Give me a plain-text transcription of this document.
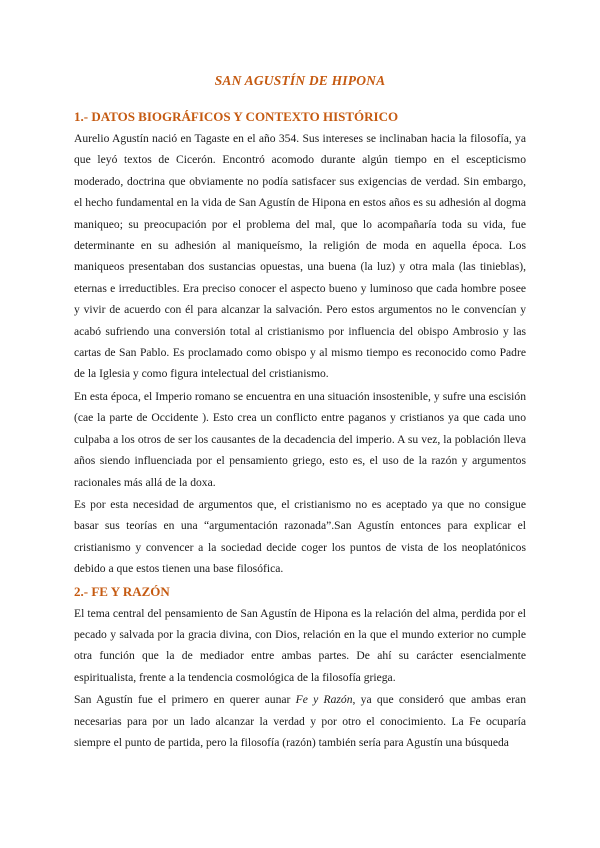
SAN AGUSTÍN DE HIPONA
1.- DATOS BIOGRÁFICOS Y CONTEXTO HISTÓRICO

Aurelio Agustín nació en Tagaste en el año 354. Sus intereses se inclinaban hacia la filosofía, ya que leyó textos de Cicerón. Encontró acomodo durante algún tiempo en el escepticismo moderado, doctrina que obviamente no podía satisfacer sus exigencias de verdad. Sin embargo, el hecho fundamental en la vida de San Agustín de Hipona en estos años es su adhesión al dogma maniqueo; su preocupación por el problema del mal, que lo acompañaría toda su vida, fue determinante en su adhesión al maniqueísmo, la religión de moda en aquella época. Los maniqueos presentaban dos sustancias opuestas, una buena (la luz) y otra mala (las tinieblas), eternas e irreductibles. Era preciso conocer el aspecto bueno y luminoso que cada hombre posee y vivir de acuerdo con él para alcanzar la salvación. Pero estos argumentos no le convencían y acabó sufriendo una conversión total al cristianismo por influencia del obispo Ambrosio y las cartas de San Pablo. Es proclamado como obispo y al mismo tiempo es reconocido como Padre de la Iglesia y como figura intelectual del cristianismo.

En esta época, el Imperio romano se encuentra en una situación insostenible, y sufre una escisión (cae la parte de Occidente ). Esto crea un conflicto entre paganos y cristianos ya que cada uno culpaba a los otros de ser los causantes de la decadencia del imperio. A su vez, la población lleva años siendo influenciada por el pensamiento griego, esto es, el uso de la razón y argumentos racionales más allá de la doxa.

Es por esta necesidad de argumentos que, el cristianismo no es aceptado ya que no consigue basar sus teorías en una “argumentación razonada”.San Agustín entonces para explicar el cristianismo y convencer a la sociedad decide coger los puntos de vista de los neoplatónicos debido a que estos tienen una base filosófica.

2.- FE Y RAZÓN

El tema central del pensamiento de San Agustín de Hipona es la relación del alma, perdida por el pecado y salvada por la gracia divina, con Dios, relación en la que el mundo exterior no cumple otra función que la de mediador entre ambas partes. De ahí su carácter esencialmente espiritualista, frente a la tendencia cosmológica de la filosofía griega.

San Agustín fue el primero en querer aunar Fe y Razón, ya que consideró que ambas eran necesarias para por un lado alcanzar la verdad y por otro el conocimiento. La Fe ocuparía siempre el punto de partida, pero la filosofía (razón) también sería para Agustín una búsqueda
